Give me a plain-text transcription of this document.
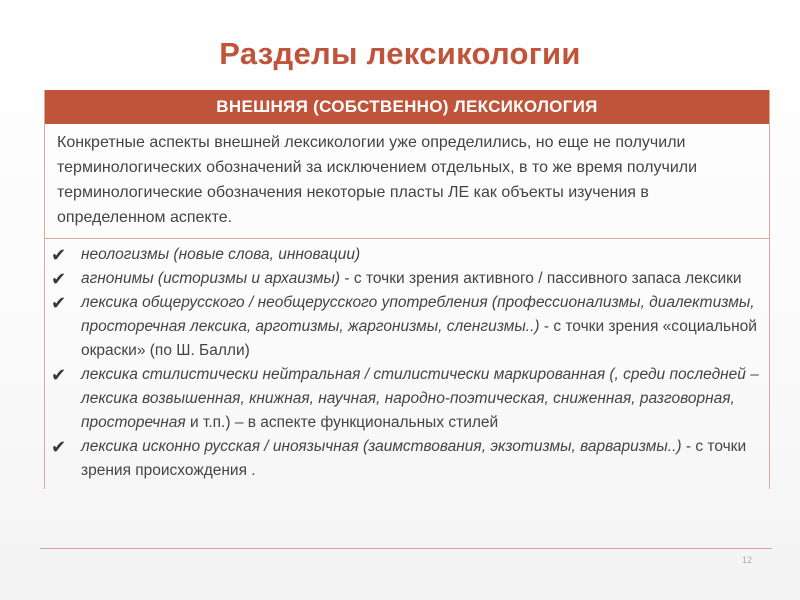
Разделы лексикологии
ВНЕШНЯЯ (СОБСТВЕННО) ЛЕКСИКОЛОГИЯ
Конкретные аспекты внешней лексикологии уже определились, но еще не получили терминологических обозначений за исключением отдельных, в то же время получили терминологические обозначения некоторые пласты ЛЕ как объекты изучения в определенном аспекте.
✔ неологизмы (новые слова, инновации)
✔ агнонимы (историзмы и архаизмы) - с точки зрения активного / пассивного запаса лексики
✔ лексика общерусского / необщерусского употребления (профессионализмы, диалектизмы, просторечная лексика, арготизмы, жаргонизмы, сленгизмы..) - с точки зрения «социальной окраски» (по Ш. Балли)
✔ лексика стилистически нейтральная / стилистически маркированная (, среди последней – лексика возвышенная, книжная, научная, народно-поэтическая, сниженная, разговорная, просторечная и т.п.) – в аспекте функциональных стилей
✔ лексика исконно русская / иноязычная (заимствования, экзотизмы, варваризмы..) - с точки зрения происхождения .
12
